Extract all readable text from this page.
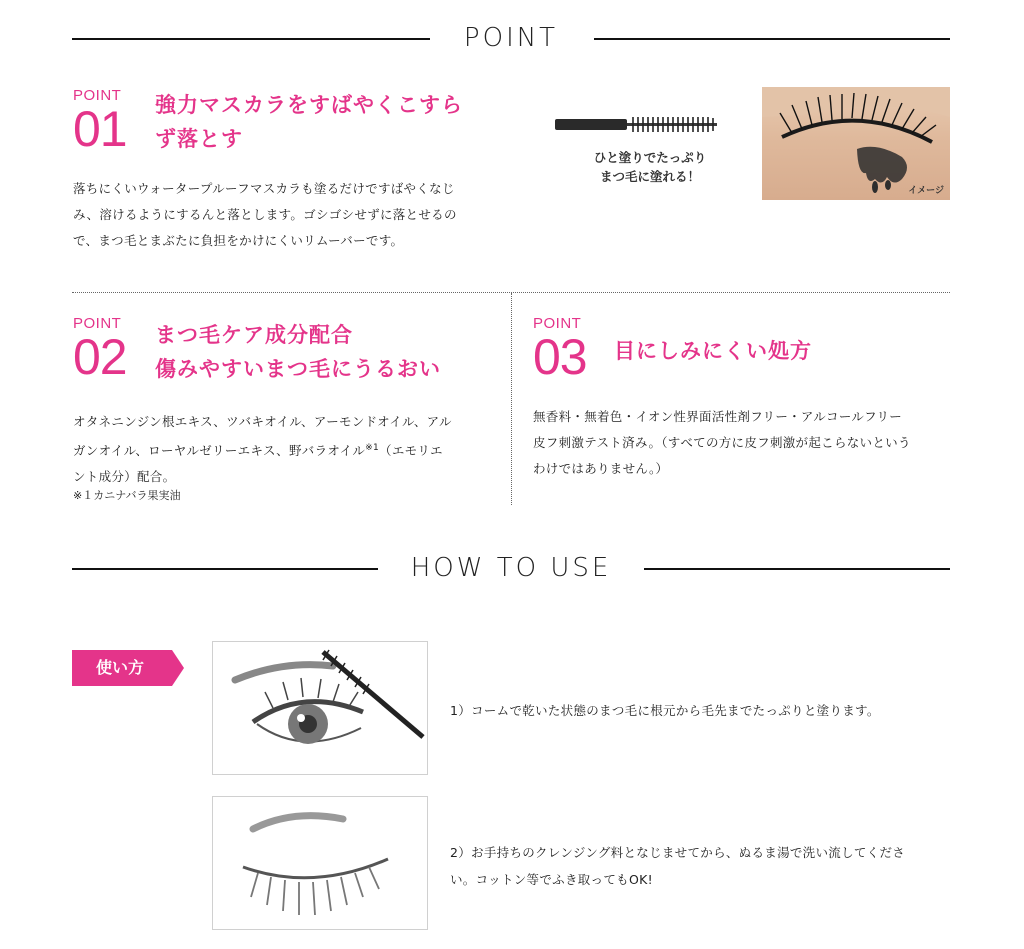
POINT
POINT
01 強力マスカラをすばやくこすら
ず落とす
落ちにくいウォータープルーフマスカラも塗るだけですばやくなじ
み、溶けるようにするんと落とします。ゴシゴシせずに落とせるの
で、まつ毛とまぶたに負担をかけにくいリムーバーです。
ひと塗りでたっぷり
まつ毛に塗れる！
イメージ
POINT
02 まつ毛ケア成分配合
傷みやすいまつ毛にうるおい
オタネニンジン根エキス、ツバキオイル、アーモンドオイル、アル
ガンオイル、ローヤルゼリーエキス、野バラオイル$^{※1}$（エモリエ
ント成分）配合。
※１カニナバラ果実油
POINT
03 目にしみにくい処方
無香料・無着色・イオン性界面活性剤フリー・アルコールフリー
皮フ刺激テスト済み。（すべての方に皮フ刺激が起こらないという
わけではありません。）
HOW TO USE
使い方
1）コームで乾いた状態のまつ毛に根元から毛先までたっぷりと塗ります。
2）お手持ちのクレンジング料となじませてから、ぬるま湯で洗い流してくださ
い。コットン等でふき取ってもOK!
